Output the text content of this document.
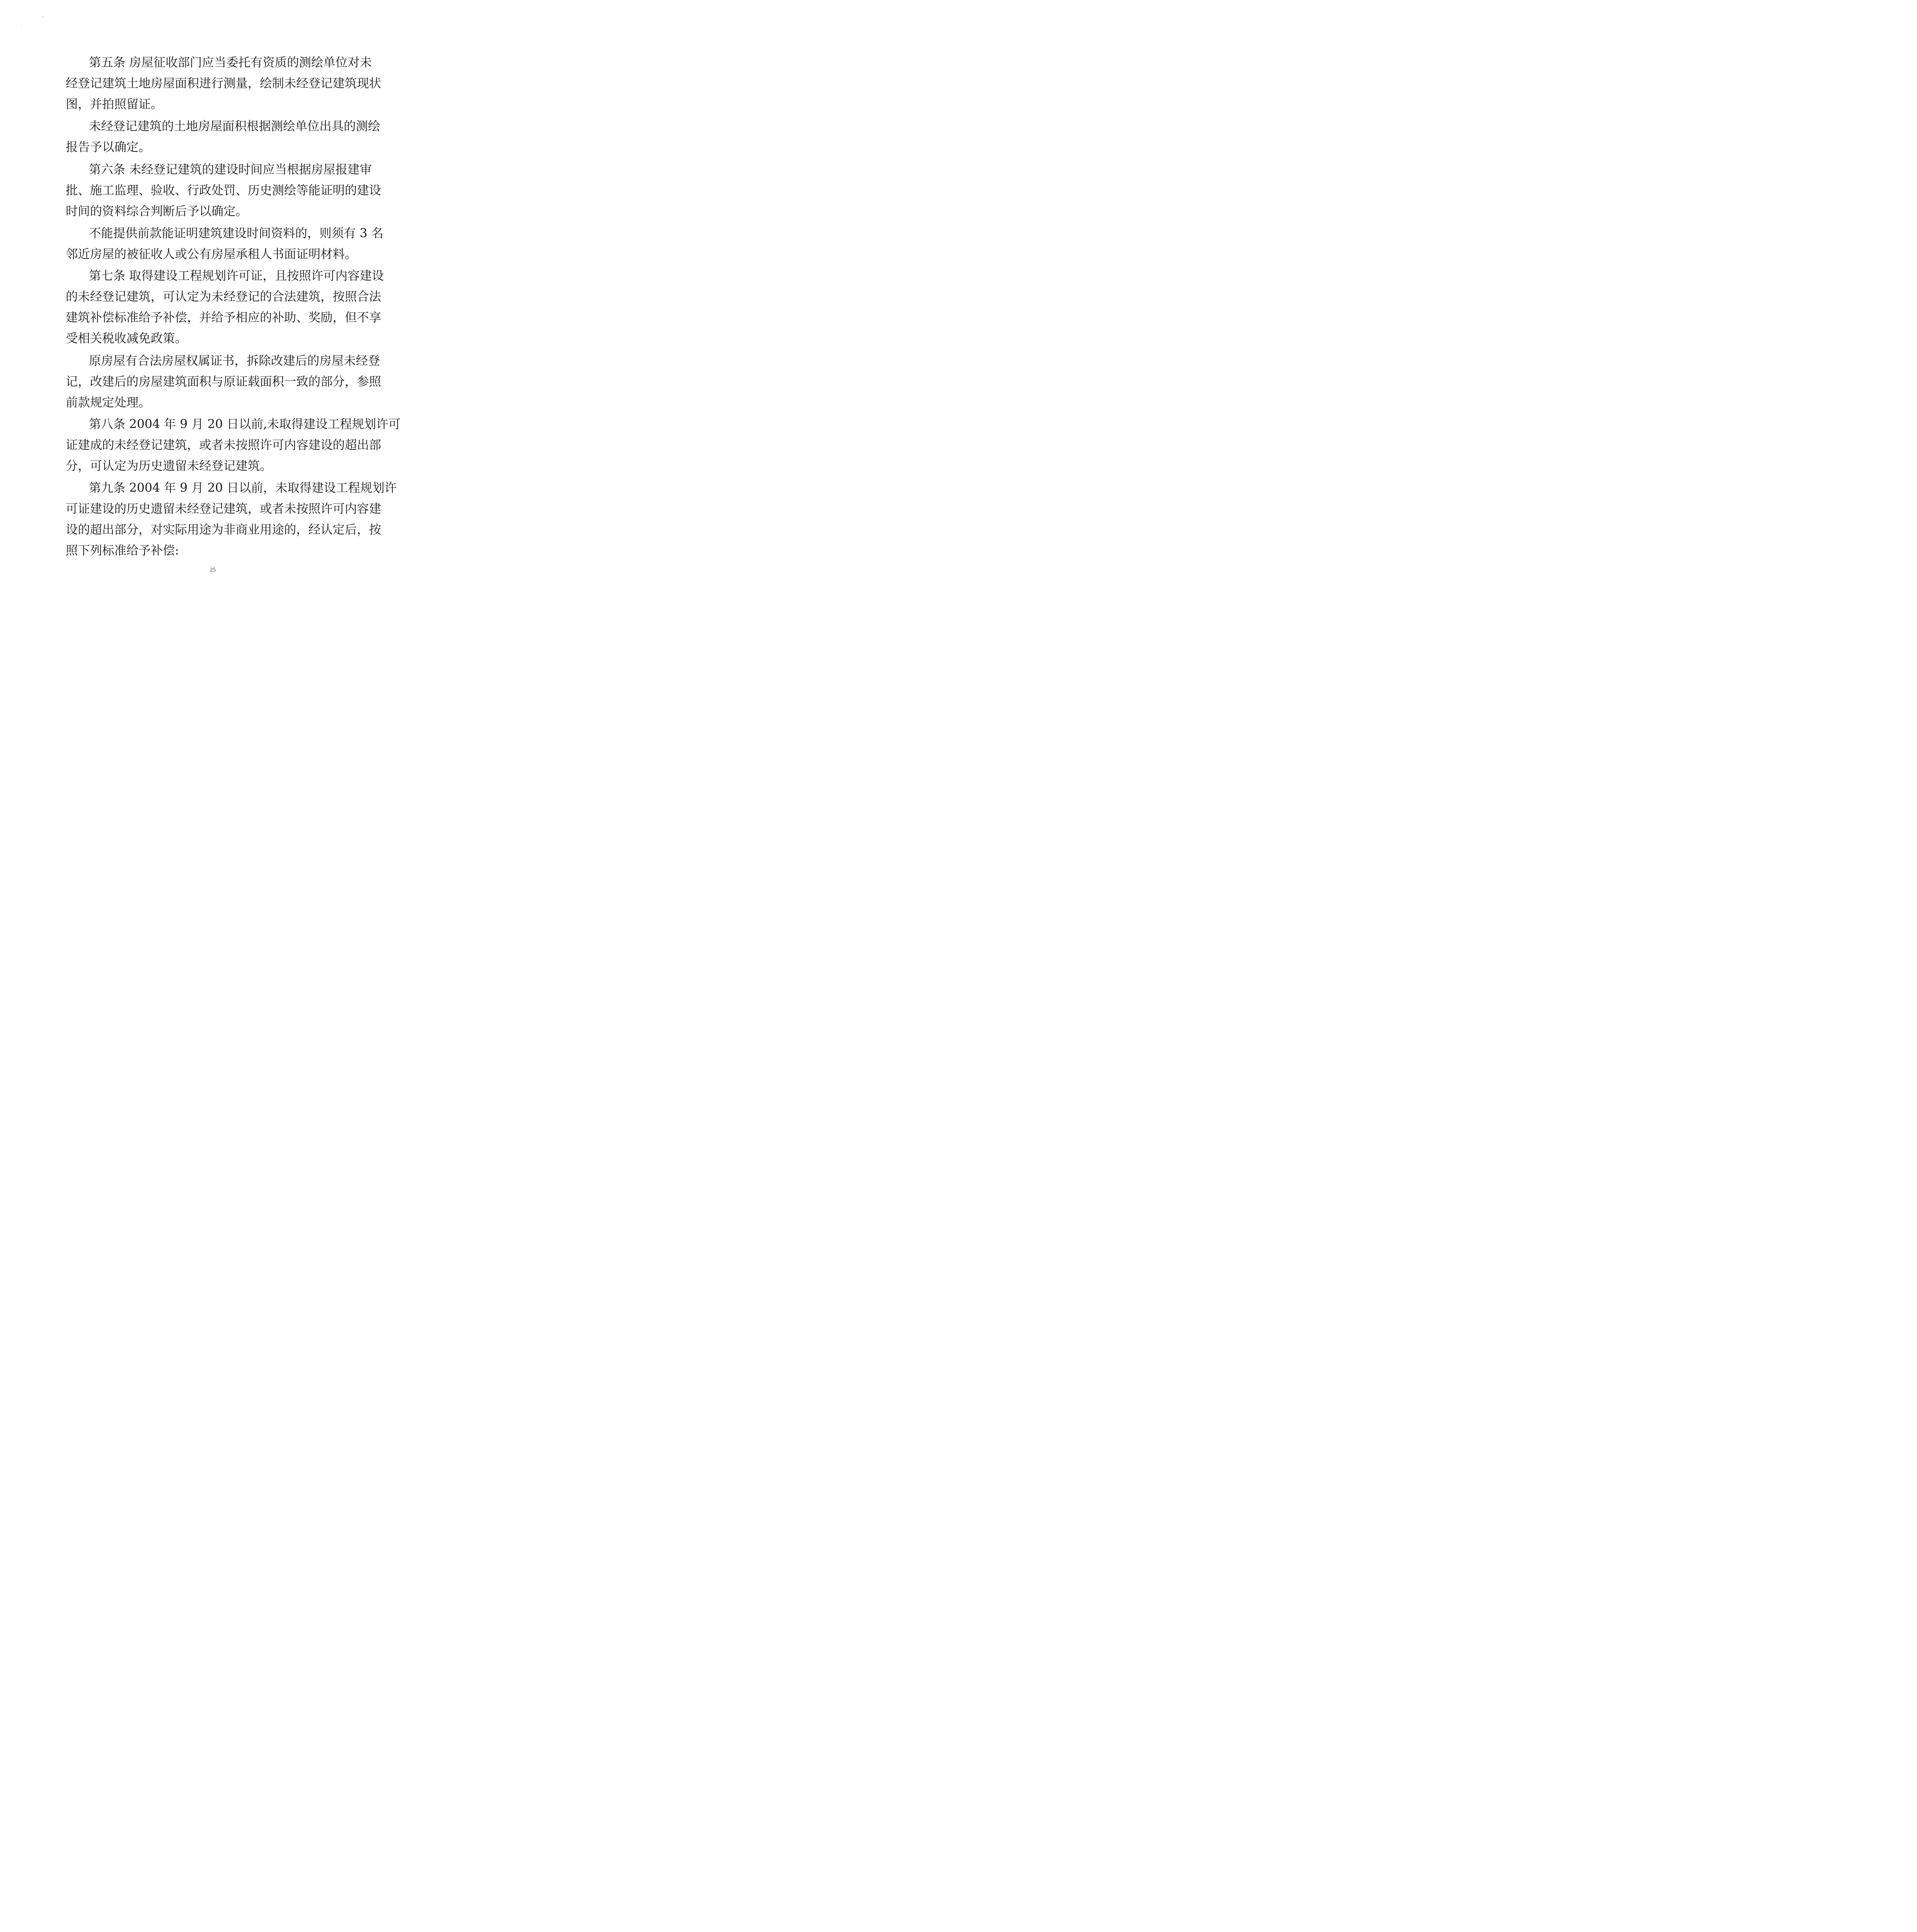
第五条 房屋征收部门应当委托有资质的测绘单位对未
经登记建筑土地房屋面积进行测量，绘制未经登记建筑现状
图，并拍照留证。
未经登记建筑的土地房屋面积根据测绘单位出具的测绘
报告予以确定。
第六条 未经登记建筑的建设时间应当根据房屋报建审
批、施工监理、验收、行政处罚、历史测绘等能证明的建设
时间的资料综合判断后予以确定。
不能提供前款能证明建筑建设时间资料的，则须有 3 名
邻近房屋的被征收人或公有房屋承租人书面证明材料。
第七条 取得建设工程规划许可证，且按照许可内容建设
的未经登记建筑，可认定为未经登记的合法建筑，按照合法
建筑补偿标准给予补偿，并给予相应的补助、奖励，但不享
受相关税收减免政策。
原房屋有合法房屋权属证书，拆除改建后的房屋未经登
记，改建后的房屋建筑面积与原证载面积一致的部分，参照
前款规定处理。
第八条 2004 年 9 月 20 日以前,未取得建设工程规划许可
证建成的未经登记建筑，或者未按照许可内容建设的超出部
分，可认定为历史遗留未经登记建筑。
第九条 2004 年 9 月 20 日以前，未取得建设工程规划许
可证建设的历史遗留未经登记建筑，或者未按照许可内容建
设的超出部分，对实际用途为非商业用途的，经认定后，按
照下列标准给予补偿:
25
